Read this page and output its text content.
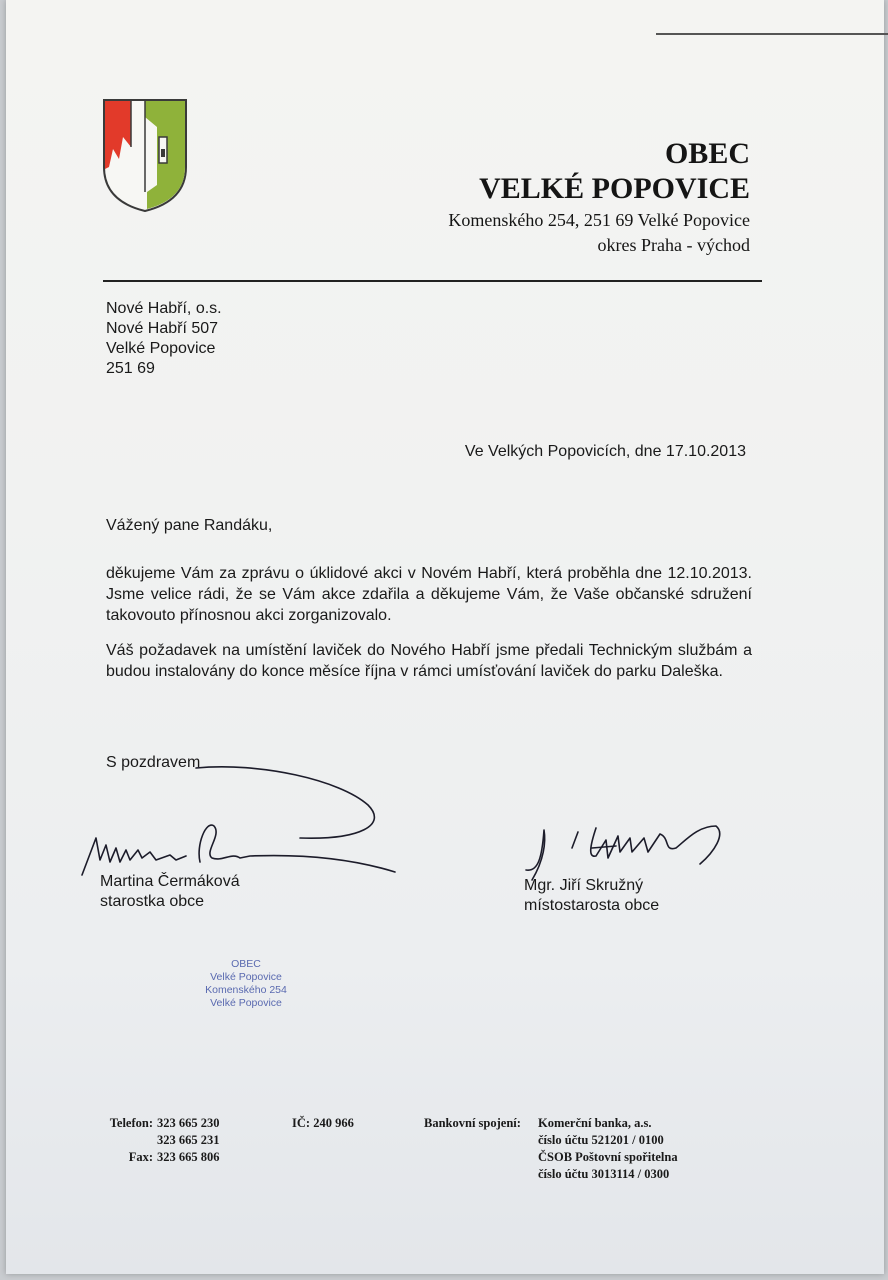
OBEC
VELKÉ POPOVICE
Komenského 254, 251 69 Velké Popovice
okres Praha - východ
Nové Habří, o.s.
Nové Habří 507
Velké Popovice
251 69
Ve Velkých Popovicích, dne 17.10.2013
Vážený pane Randáku,
děkujeme Vám za zprávu o úklidové akci v Novém Habří, která proběhla dne 12.10.2013. Jsme velice rádi, že se Vám akce zdařila a děkujeme Vám, že Vaše občanské sdružení takovouto přínosnou akci zorganizovalo.
Váš požadavek na umístění laviček do Nového Habří jsme předali Technickým službám a budou instalovány do konce měsíce října v rámci umísťování laviček do parku Daleška.
S pozdravem
Martina Čermáková
starostka obce
Mgr. Jiří Skružný
místostarosta obce
OBEC
Velké Popovice
Komenského 254
Velké Popovice
Telefon: 323 665 230
323 665 231
Fax: 323 665 806
IČ: 240 966	Bankovní spojení:	Komerční banka, a.s.
číslo účtu 521201 / 0100
ČSOB Poštovní spořitelna
číslo účtu 3013114 / 0300
